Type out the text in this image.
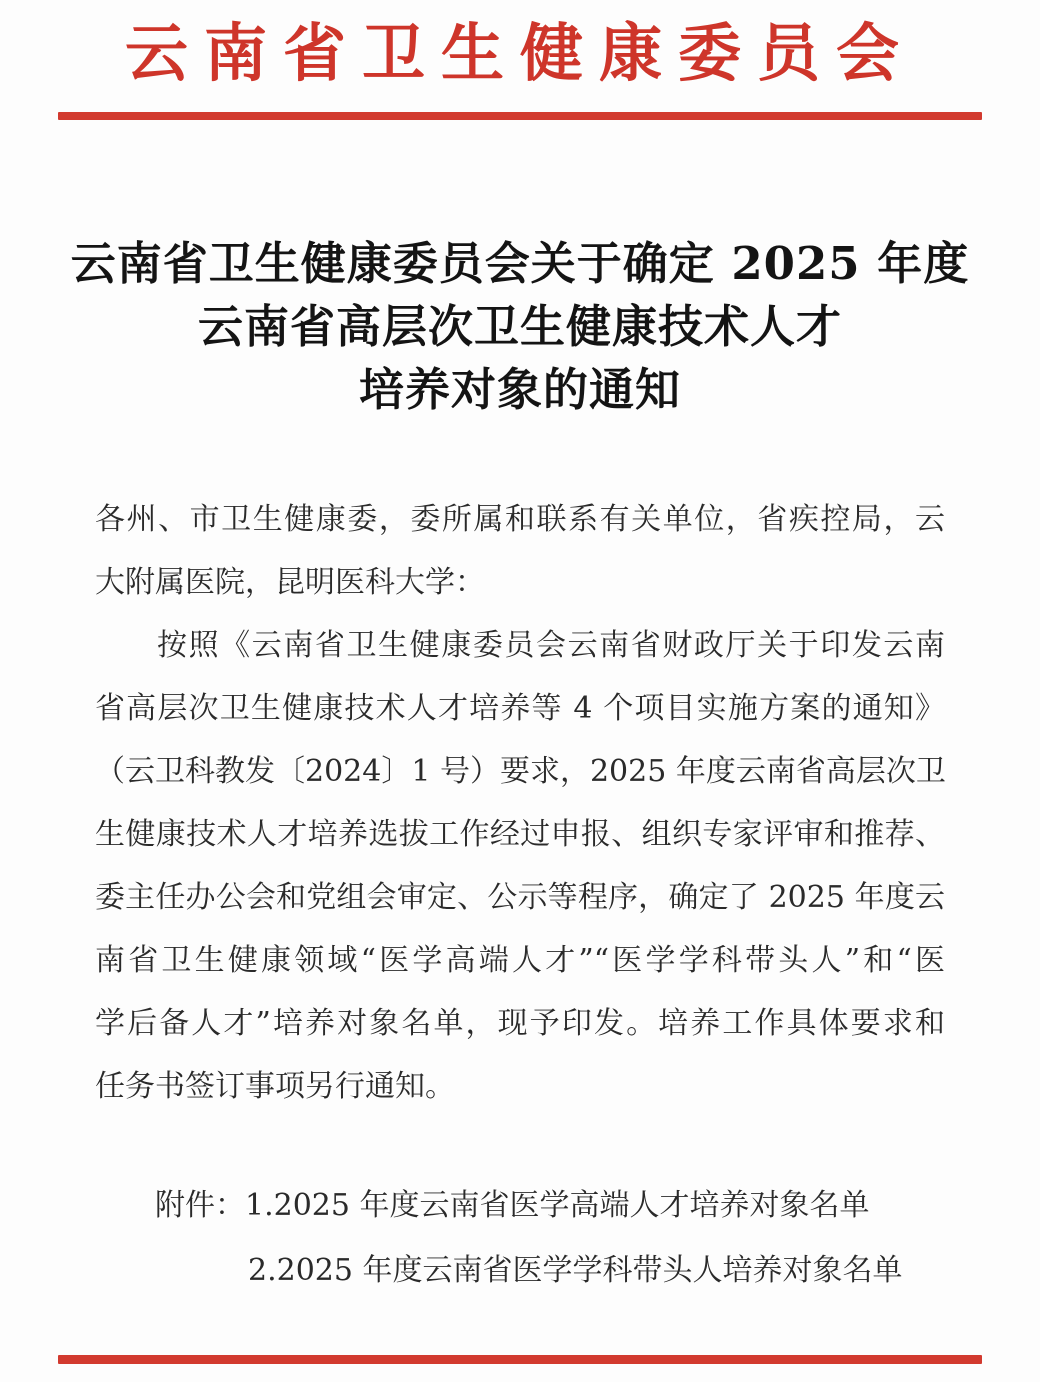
云南省卫生健康委员会
云南省卫生健康委员会关于确定 2025 年度
云南省高层次卫生健康技术人才
培养对象的通知

各州、市卫生健康委，委所属和联系有关单位，省疾控局，云

大附属医院，昆明医科大学：

按照《云南省卫生健康委员会云南省财政厅关于印发云南

省高层次卫生健康技术人才培养等 4 个项目实施方案的通知》

（云卫科教发〔2024〕1 号）要求，2025 年度云南省高层次卫

生健康技术人才培养选拔工作经过申报、组织专家评审和推荐、

委主任办公会和党组会审定、公示等程序，确定了 2025 年度云

南省卫生健康领域“医学高端人才”“医学学科带头人”和“医

学后备人才”培养对象名单，现予印发。培养工作具体要求和

任务书签订事项另行通知。

附件：1.2025 年度云南省医学高端人才培养对象名单

2.2025 年度云南省医学学科带头人培养对象名单
